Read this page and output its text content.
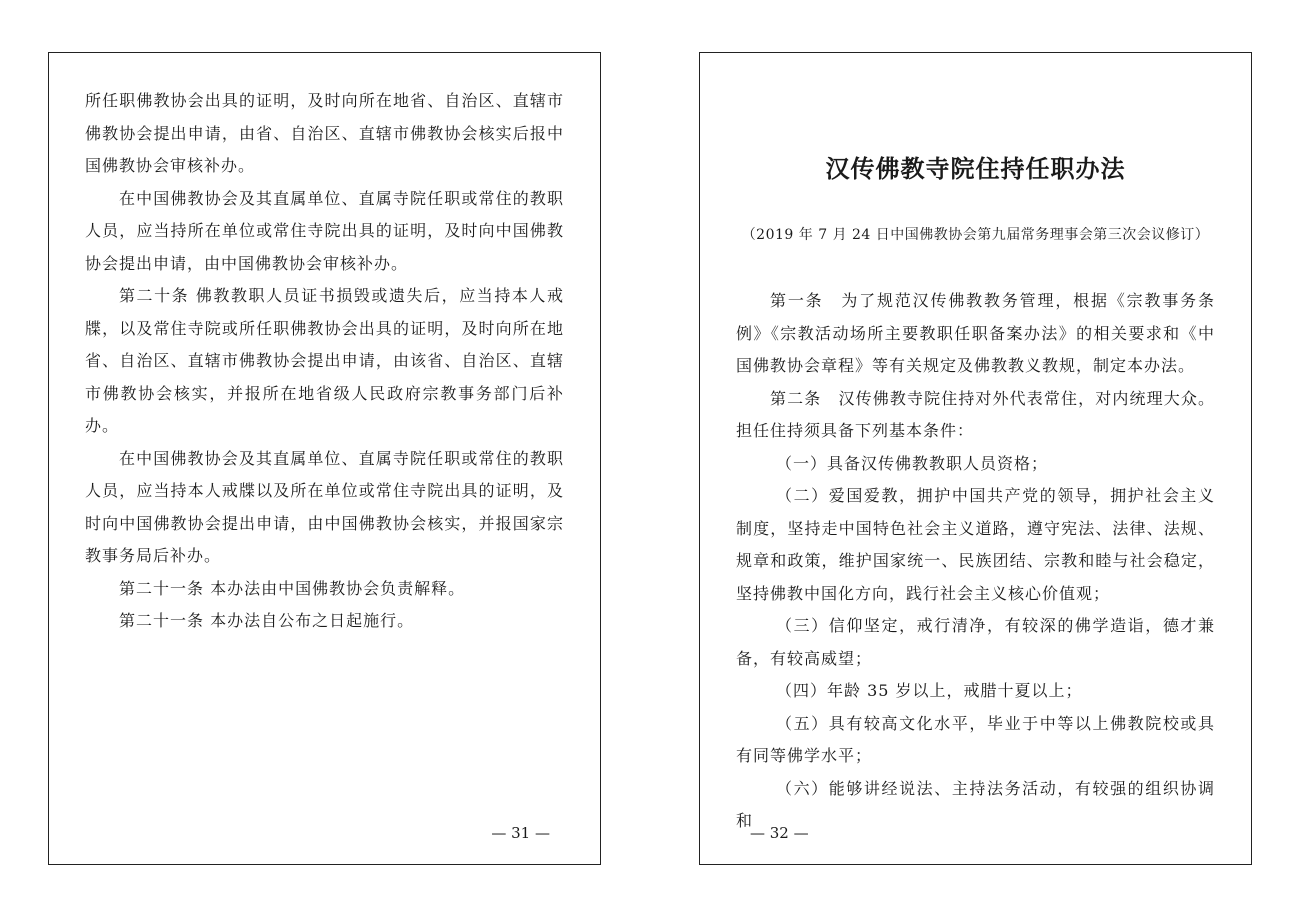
所任职佛教协会出具的证明，及时向所在地省、自治区、直辖市佛教协会提出申请，由省、自治区、直辖市佛教协会核实后报中国佛教协会审核补办。

在中国佛教协会及其直属单位、直属寺院任职或常住的教职人员，应当持所在单位或常住寺院出具的证明，及时向中国佛教协会提出申请，由中国佛教协会审核补办。

第二十条 佛教教职人员证书损毁或遗失后，应当持本人戒牒，以及常住寺院或所任职佛教协会出具的证明，及时向所在地省、自治区、直辖市佛教协会提出申请，由该省、自治区、直辖市佛教协会核实，并报所在地省级人民政府宗教事务部门后补办。

在中国佛教协会及其直属单位、直属寺院任职或常住的教职人员，应当持本人戒牒以及所在单位或常住寺院出具的证明，及时向中国佛教协会提出申请，由中国佛教协会核实，并报国家宗教事务局后补办。

第二十一条 本办法由中国佛教协会负责解释。

第二十一条 本办法自公布之日起施行。

— 31 —
汉传佛教寺院住持任职办法
（2019 年 7 月 24 日中国佛教协会第九届常务理事会第三次会议修订）

第一条　为了规范汉传佛教教务管理，根据《宗教事务条例》《宗教活动场所主要教职任职备案办法》的相关要求和《中国佛教协会章程》等有关规定及佛教教义教规，制定本办法。

第二条　汉传佛教寺院住持对外代表常住，对内统理大众。担任住持须具备下列基本条件：

（一）具备汉传佛教教职人员资格；

（二）爱国爱教，拥护中国共产党的领导，拥护社会主义制度，坚持走中国特色社会主义道路，遵守宪法、法律、法规、规章和政策，维护国家统一、民族团结、宗教和睦与社会稳定，坚持佛教中国化方向，践行社会主义核心价值观；

（三）信仰坚定，戒行清净，有较深的佛学造诣，德才兼备，有较高威望；

（四）年龄 35 岁以上，戒腊十夏以上；

（五）具有较高文化水平，毕业于中等以上佛教院校或具有同等佛学水平；

（六）能够讲经说法、主持法务活动，有较强的组织协调和

— 32 —
